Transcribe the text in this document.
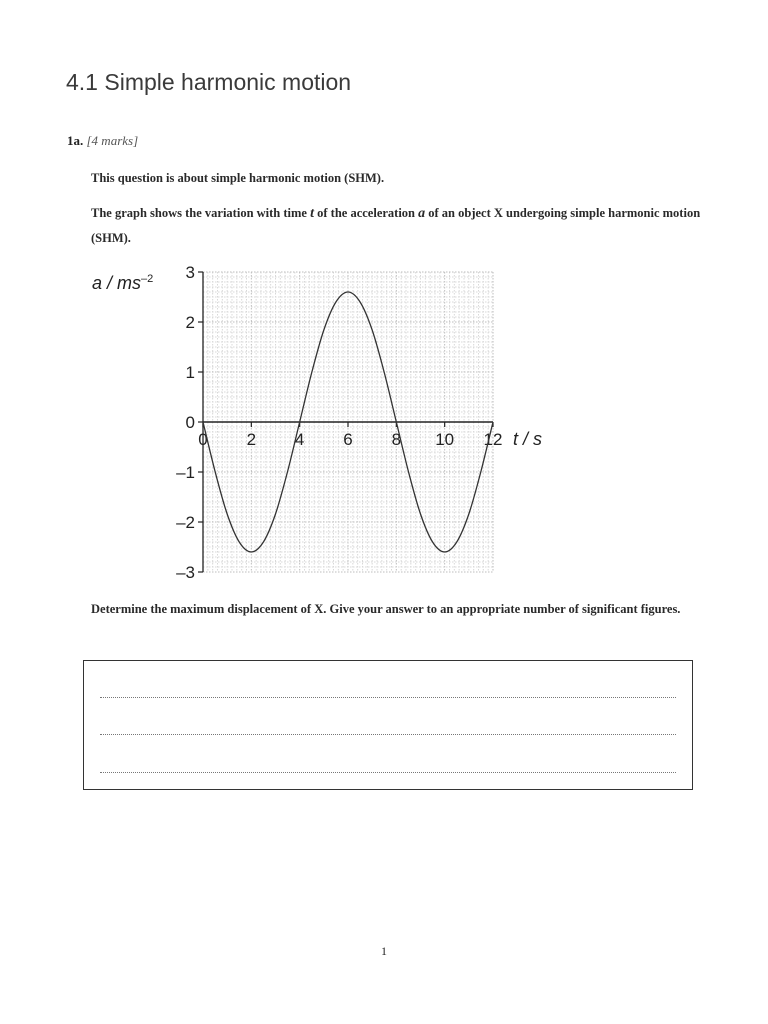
4.1 Simple harmonic motion
1a. [4 marks]

This question is about simple harmonic motion (SHM).

The graph shows the variation with time t of the acceleration a of an object X undergoing simple harmonic motion (SHM).

3
2
1
0
–1
–2
–3
0 2 4 6 8 10 12
a / $ms^{-2}$
t / s

Determine the maximum displacement of X. Give your answer to an appropriate number of significant figures.

1
